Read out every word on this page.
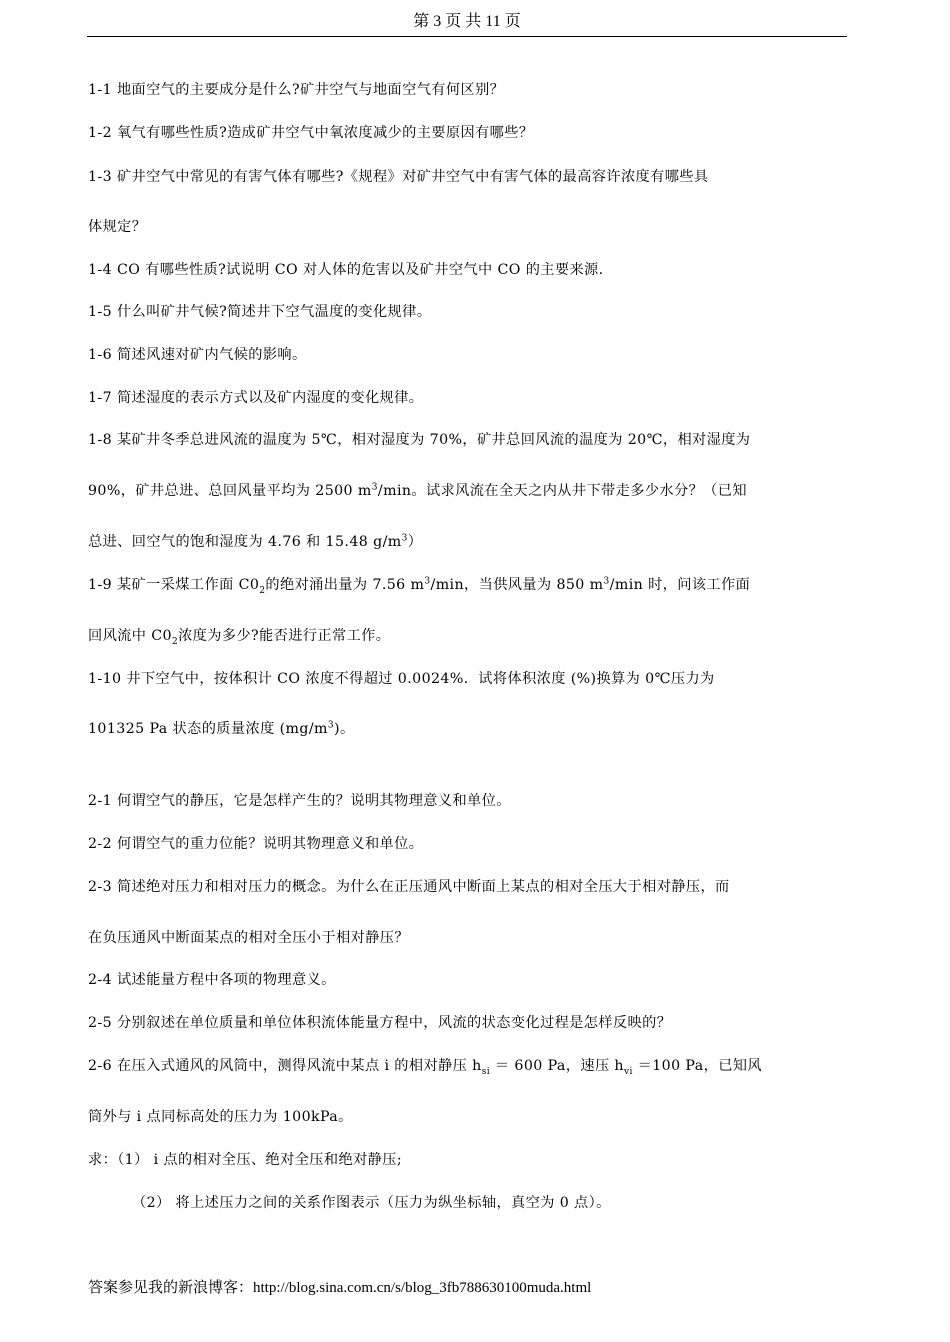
第 3 页 共 11 页
1-1 地面空气的主要成分是什么?矿井空气与地面空气有何区别？
1-2 氧气有哪些性质?造成矿井空气中氧浓度减少的主要原因有哪些？
1-3 矿井空气中常见的有害气体有哪些?《规程》对矿井空气中有害气体的最高容许浓度有哪些具
体规定？
1-4 CO 有哪些性质?试说明 CO 对人体的危害以及矿井空气中 CO 的主要来源.
1-5 什么叫矿井气候?简述井下空气温度的变化规律。
1-6 简述风速对矿内气候的影响。
1-7 简述湿度的表示方式以及矿内湿度的变化规律。
1-8 某矿井冬季总进风流的温度为 5℃，相对湿度为 70%，矿井总回风流的温度为 20℃，相对湿度为
90%，矿井总进、总回风量平均为 2500 $m^3/\min$。试求风流在全天之内从井下带走多少水分？（已知
总进、回空气的饱和湿度为 4.76 和 15.48 $g/m^3$）
1-9 某矿一采煤工作面 $C0_2$的绝对涌出量为 7.56 $m^3/\min$，当供风量为 850 $m^3/\min$ 时，问该工作面
回风流中 $C0_2$浓度为多少?能否进行正常工作。
1-10 井下空气中，按体积计 CO 浓度不得超过 0.0024%．试将体积浓度 (%)换算为 0℃压力为
101325 Pa 状态的质量浓度 $(mg/m^3)$。
2-1 何谓空气的静压，它是怎样产生的？说明其物理意义和单位。
2-2 何谓空气的重力位能？说明其物理意义和单位。
2-3 简述绝对压力和相对压力的概念。为什么在正压通风中断面上某点的相对全压大于相对静压，而
在负压通风中断面某点的相对全压小于相对静压？
2-4 试述能量方程中各项的物理意义。
2-5 分别叙述在单位质量和单位体积流体能量方程中，风流的状态变化过程是怎样反映的？
2-6 在压入式通风的风筒中，测得风流中某点 i 的相对静压 $h_{si} = 600$ Pa，速压 $h_{vi} =100$ Pa，已知风
筒外与 i 点同标高处的压力为 100kPa。
求：（1） i 点的相对全压、绝对全压和绝对静压;
（2） 将上述压力之间的关系作图表示（压力为纵坐标轴，真空为 0 点）。
答案参见我的新浪博客：http://blog.sina.com.cn/s/blog_3fb788630100muda.html
